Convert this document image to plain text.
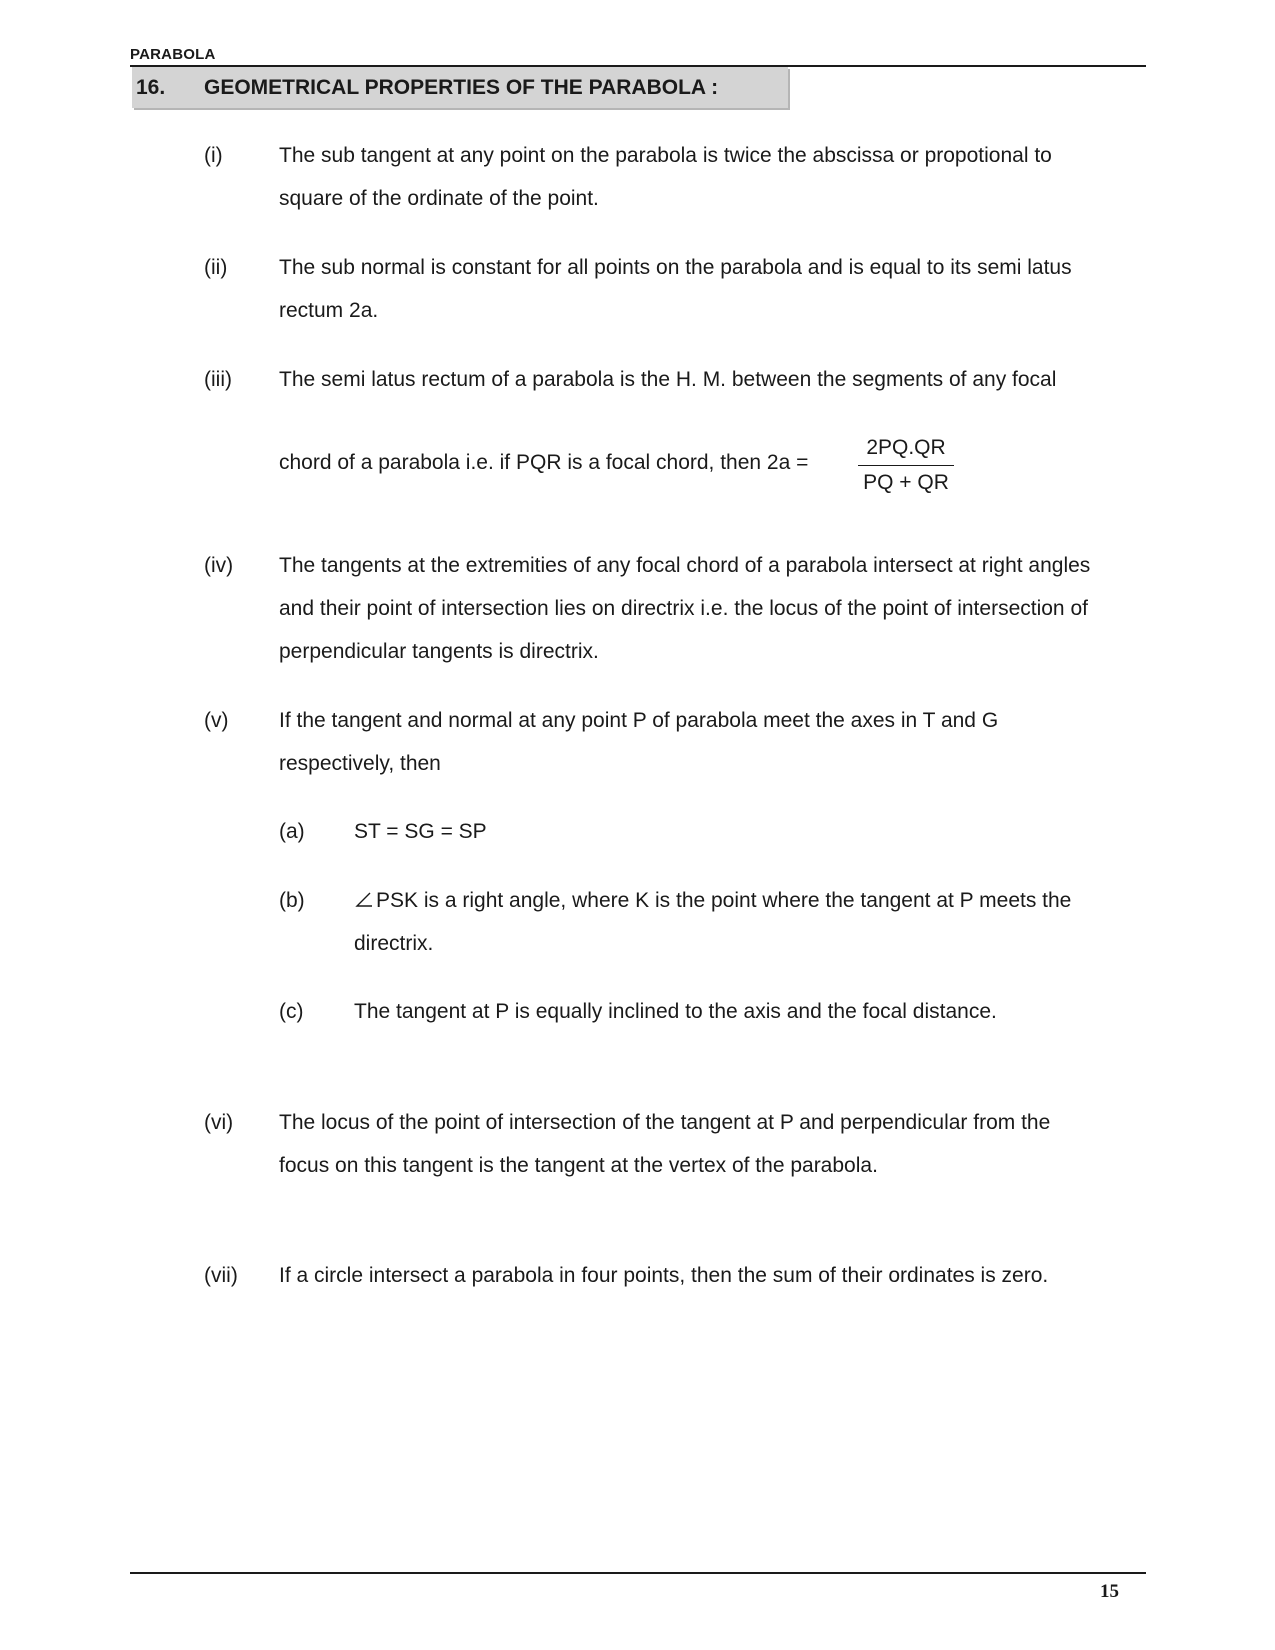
PARABOLA
16. GEOMETRICAL PROPERTIES OF THE PARABOLA :
(i)	The sub tangent at any point on the parabola is twice the abscissa or propotional to
square of the ordinate of the point.
(ii) The sub normal is constant for all points on the parabola and is equal to its semi latus
rectum 2a.
(iii) The semi latus rectum of a parabola is the H. M. between the segments of any focal
chord of a parabola i.e. if PQR is a focal chord, then 2a =
2PQ.QR
PQ + QR
(iv) The tangents at the extremities of any focal chord of a parabola intersect at right angles
and their point of intersection lies on directrix i.e. the locus of the point of intersection of
perpendicular tangents is directrix.
(v) If the tangent and normal at any point P of parabola meet the axes in T and G
respectively, then
(a) ST = SG = SP
(b)	PSK is a right angle, where K is the point where the tangent at P meets the
directrix.
(c) The tangent at P is equally inclined to the axis and the focal distance.
(vi) The locus of the point of intersection of the tangent at P and perpendicular from the
focus on this tangent is the tangent at the vertex of the parabola.
(vii) If a circle intersect a parabola in four points, then the sum of their ordinates is zero.
15
